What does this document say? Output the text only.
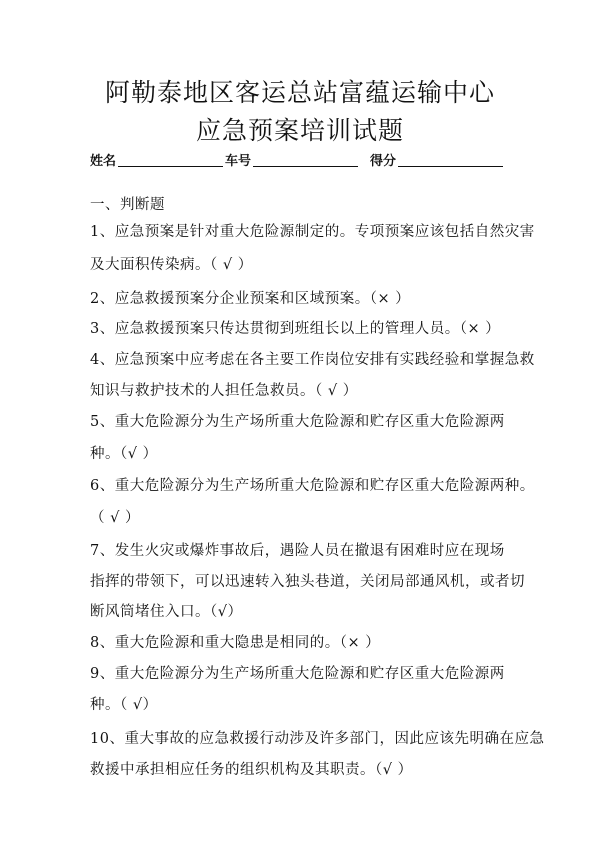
阿勒泰地区客运总站富蕴运输中心
应急预案培训试题
姓名	车号	得分
一、判断题
1、应急预案是针对重大危险源制定的。专项预案应该包括自然灾害
及大面积传染病。（ √ ）
2、应急救援预案分企业预案和区域预案。（× ）
3、应急救援预案只传达贯彻到班组长以上的管理人员。（× ）
4、应急预案中应考虑在各主要工作岗位安排有实践经验和掌握急救
知识与救护技术的人担任急救员。（ √ ）
5、重大危险源分为生产场所重大危险源和贮存区重大危险源两
种。（√ ）
6、重大危险源分为生产场所重大危险源和贮存区重大危险源两种。
（ √ ）
7、发生火灾或爆炸事故后，遇险人员在撤退有困难时应在现场
指挥的带领下，可以迅速转入独头巷道，关闭局部通风机，或者切
断风筒堵住入口。（√）
8、重大危险源和重大隐患是相同的。（× ）
9、重大危险源分为生产场所重大危险源和贮存区重大危险源两
种。（ √）
10、重大事故的应急救援行动涉及许多部门，因此应该先明确在应急
救援中承担相应任务的组织机构及其职责。（√ ）
